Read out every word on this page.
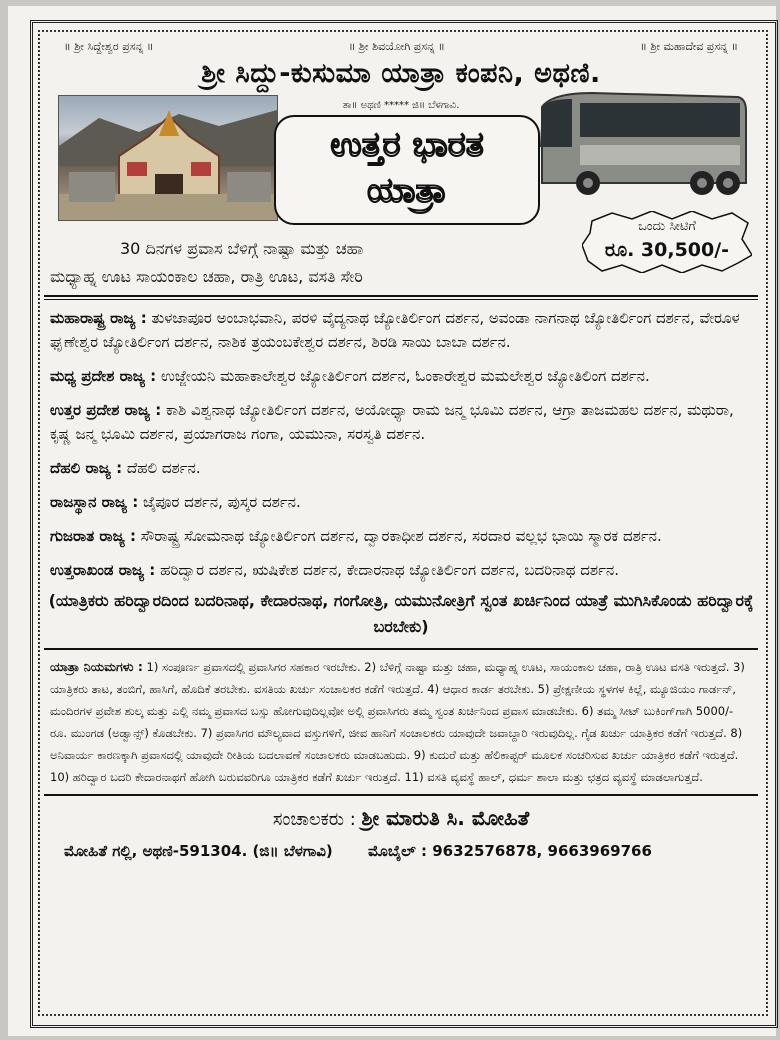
॥ ಶ್ರೀ ಸಿದ್ದೇಶ್ವರ ಪ್ರಸನ್ನ ॥	॥ ಶ್ರೀ ಶಿವಯೋಗಿ ಪ್ರಸನ್ನ ॥	॥ ಶ್ರೀ ಮಹಾದೇವ ಪ್ರಸನ್ನ ॥
ಶ್ರೀ ಸಿದ್ದು-ಕುಸುಮಾ ಯಾತ್ರಾ ಕಂಪನಿ, ಅಥಣಿ.
ತಾ॥ ಅಥಣಿ ***** ಜಿ॥ ಬೆಳಗಾವಿ.
ಉತ್ತರ ಭಾರತ
ಯಾತ್ರಾ
ಒಂದು ಸೀಟಿಗೆ
ರೂ. 30,500/-
30 ದಿನಗಳ ಪ್ರವಾಸ ಬೆಳಿಗ್ಗೆ ನಾಷ್ಟಾ ಮತ್ತು ಚಹಾ
ಮಧ್ಯಾಹ್ನ ಊಟ ಸಾಯಂಕಾಲ ಚಹಾ, ರಾತ್ರಿ ಊಟ, ವಸತಿ ಸೇರಿ
ಮಹಾರಾಷ್ಟ್ರ ರಾಜ್ಯ : ತುಳಜಾಪೂರ ಅಂಬಾಭವಾನಿ, ಪರಳಿ ವೈದ್ಯನಾಥ ಜ್ಯೋತಿರ್ಲಿಂಗ ದರ್ಶನ, ಅವಂಡಾ ನಾಗನಾಥ ಜ್ಯೋತಿರ್ಲಿಂಗ ದರ್ಶನ, ವೇರೂಳ ಘೃಣೇಶ್ವರ ಜ್ಯೋತಿರ್ಲಿಂಗ ದರ್ಶನ, ನಾಶಿಕ ತ್ರಯಂಬಕೇಶ್ವರ ದರ್ಶನ, ಶಿರಡಿ ಸಾಯಿ ಬಾಬಾ ದರ್ಶನ.
ಮಧ್ಯ ಪ್ರದೇಶ ರಾಜ್ಯ : ಉಜ್ಜೇಯನಿ ಮಹಾಕಾಲೇಶ್ವರ ಜ್ಯೋತಿರ್ಲಿಂಗ ದರ್ಶನ, ಓಂಕಾರೇಶ್ವರ ಮಮಲೇಶ್ವರ ಜ್ಯೋತಿಲಿಂಗ ದರ್ಶನ.
ಉತ್ತರ ಪ್ರದೇಶ ರಾಜ್ಯ : ಕಾಶಿ ವಿಶ್ವನಾಥ ಜ್ಯೋತಿರ್ಲಿಂಗ ದರ್ಶನ, ಅಯೋಧ್ಯಾ ರಾಮ ಜನ್ಮ ಭೂಮಿ ದರ್ಶನ, ಆಗ್ರಾ ತಾಜಮಹಲ ದರ್ಶನ, ಮಥುರಾ, ಕೃಷ್ಣ ಜನ್ಮ ಭೂಮಿ ದರ್ಶನ, ಪ್ರಯಾಗರಾಜ ಗಂಗಾ, ಯಮುನಾ, ಸರಸ್ವತಿ ದರ್ಶನ.
ದೆಹಲಿ ರಾಜ್ಯ : ದೆಹಲಿ ದರ್ಶನ.
ರಾಜಸ್ಥಾನ ರಾಜ್ಯ : ಜೈಪೂರ ದರ್ಶನ, ಪುಸ್ಕರ ದರ್ಶನ.
ಗುಜರಾತ ರಾಜ್ಯ : ಸೌರಾಷ್ಟ್ರ ಸೋಮನಾಥ ಜ್ಯೋತಿರ್ಲಿಂಗ ದರ್ಶನ, ದ್ವಾರಕಾಧೀಶ ದರ್ಶನ, ಸರದಾರ ವಲ್ಲಭ ಭಾಯಿ ಸ್ಮಾರಕ ದರ್ಶನ.
ಉತ್ತರಾಖಂಡ ರಾಜ್ಯ : ಹರಿದ್ವಾರ ದರ್ಶನ, ಋಷಿಕೇಶ ದರ್ಶನ, ಕೇದಾರನಾಥ ಜ್ಯೋತಿರ್ಲಿಂಗ ದರ್ಶನ, ಬದರಿನಾಥ ದರ್ಶನ.
(ಯಾತ್ರಿಕರು ಹರಿದ್ವಾರದಿಂದ ಬದರಿನಾಥ, ಕೇದಾರನಾಥ, ಗಂಗೋತ್ರಿ, ಯಮುನೋತ್ರಿಗೆ ಸ್ವಂತ ಖರ್ಚಿನಿಂದ ಯಾತ್ರೆ ಮುಗಿಸಿಕೊಂಡು ಹರಿದ್ವಾರಕ್ಕೆ ಬರಬೇಕು)
ಯಾತ್ರಾ ನಿಯಮಗಳು : 1) ಸಂಪೂರ್ಣ ಪ್ರವಾಸದಲ್ಲಿ ಪ್ರವಾಸಿಗರ ಸಹಕಾರ ಇರಬೇಕು. 2) ಬೆಳಿಗ್ಗೆ ನಾಷ್ಟಾ ಮತ್ತು ಚಹಾ, ಮಧ್ಯಾಹ್ನ ಊಟ, ಸಾಯಂಕಾಲ ಚಹಾ, ರಾತ್ರಿ ಊಟ ವಸತಿ ಇರುತ್ತದೆ. 3) ಯಾತ್ರಿಕರು ತಾಟ, ತಂಬಿಗೆ, ಹಾಸಿಗೆ, ಹೊದಿಕೆ ತರಬೇಕು. ವಸತಿಯ ಖರ್ಚು ಸಂಚಾಲಕರ ಕಡೆಗೆ ಇರುತ್ತದೆ. 4) ಆಧಾರ ಕಾರ್ಡ ತರಬೇಕು. 5) ಪ್ರೇಕ್ಷಣೀಯ ಸ್ಥಳಗಳ ಕಿಲ್ಲೆ, ಮ್ಯೂಜಿಯಂ ಗಾರ್ಡನ್, ಮಂದಿರಗಳ ಪ್ರವೇಶ ಶುಲ್ಕ ಮತ್ತು ಎಲ್ಲಿ ನಮ್ಮ ಪ್ರವಾಸದ ಬಸ್ಸು ಹೋಗುವುದಿಲ್ಲವೋ ಅಲ್ಲಿ ಪ್ರವಾಸಿಗರು ತಮ್ಮ ಸ್ವಂತ ಖರ್ಚಿನಿಂದ ಪ್ರವಾಸ ಮಾಡಬೇಕು. 6) ತಮ್ಮ ಸೀಟ್ ಬುಕಿಂಗ್‌ಗಾಗಿ 5000/- ರೂ. ಮುಂಗಡ (ಅಡ್ವಾನ್ಸ್) ಕೊಡಬೇಕು. 7) ಪ್ರವಾಸಿಗರ ಮೌಲ್ಯವಾದ ವಸ್ತುಗಳಿಗೆ, ಜೀವ ಹಾನಿಗೆ ಸಂಚಾಲಕರು ಯಾವುದೇ ಜವಾಬ್ದಾರಿ ಇರುವುದಿಲ್ಲ. ಗೈಡ ಖರ್ಚು ಯಾತ್ರಿಕರ ಕಡೆಗೆ ಇರುತ್ತದೆ. 8) ಅನಿವಾರ್ಯ ಕಾರಣಕ್ಕಾಗಿ ಪ್ರವಾಸದಲ್ಲಿ ಯಾವುದೇ ರೀತಿಯ ಬದಲಾವಣೆ ಸಂಚಾಲಕರು ಮಾಡಬಹುದು. 9) ಕುದುರೆ ಮತ್ತು ಹೆಲಿಕಾಪ್ಟರ್ ಮೂಲಕ ಸಂಚರಿಸುವ ಖರ್ಚು ಯಾತ್ರಿಕರ ಕಡೆಗೆ ಇರುತ್ತದೆ. 10) ಹರಿದ್ವಾರ ಬದರಿ ಕೇದಾರನಾಥಗೆ ಹೋಗಿ ಬರುವವರಿಗೂ ಯಾತ್ರಿಕರ ಕಡೆಗೆ ಖರ್ಚು ಇರುತ್ತದೆ. 11) ವಸತಿ ವ್ಯವಸ್ಥೆ ಹಾಲ್, ಧರ್ಮ ಶಾಲಾ ಮತ್ತು ಛತ್ರದ ವ್ಯವಸ್ಥೆ ಮಾಡಲಾಗುತ್ತದೆ.
ಸಂಚಾಲಕರು : ಶ್ರೀ ಮಾರುತಿ ಸಿ. ಮೋಹಿತೆ
ಮೋಹಿತೆ ಗಲ್ಲಿ, ಅಥಣಿ-591304. (ಜಿ॥ ಬೆಳಗಾವಿ) ಮೊಬೈಲ್ : 9632576878, 9663969766
